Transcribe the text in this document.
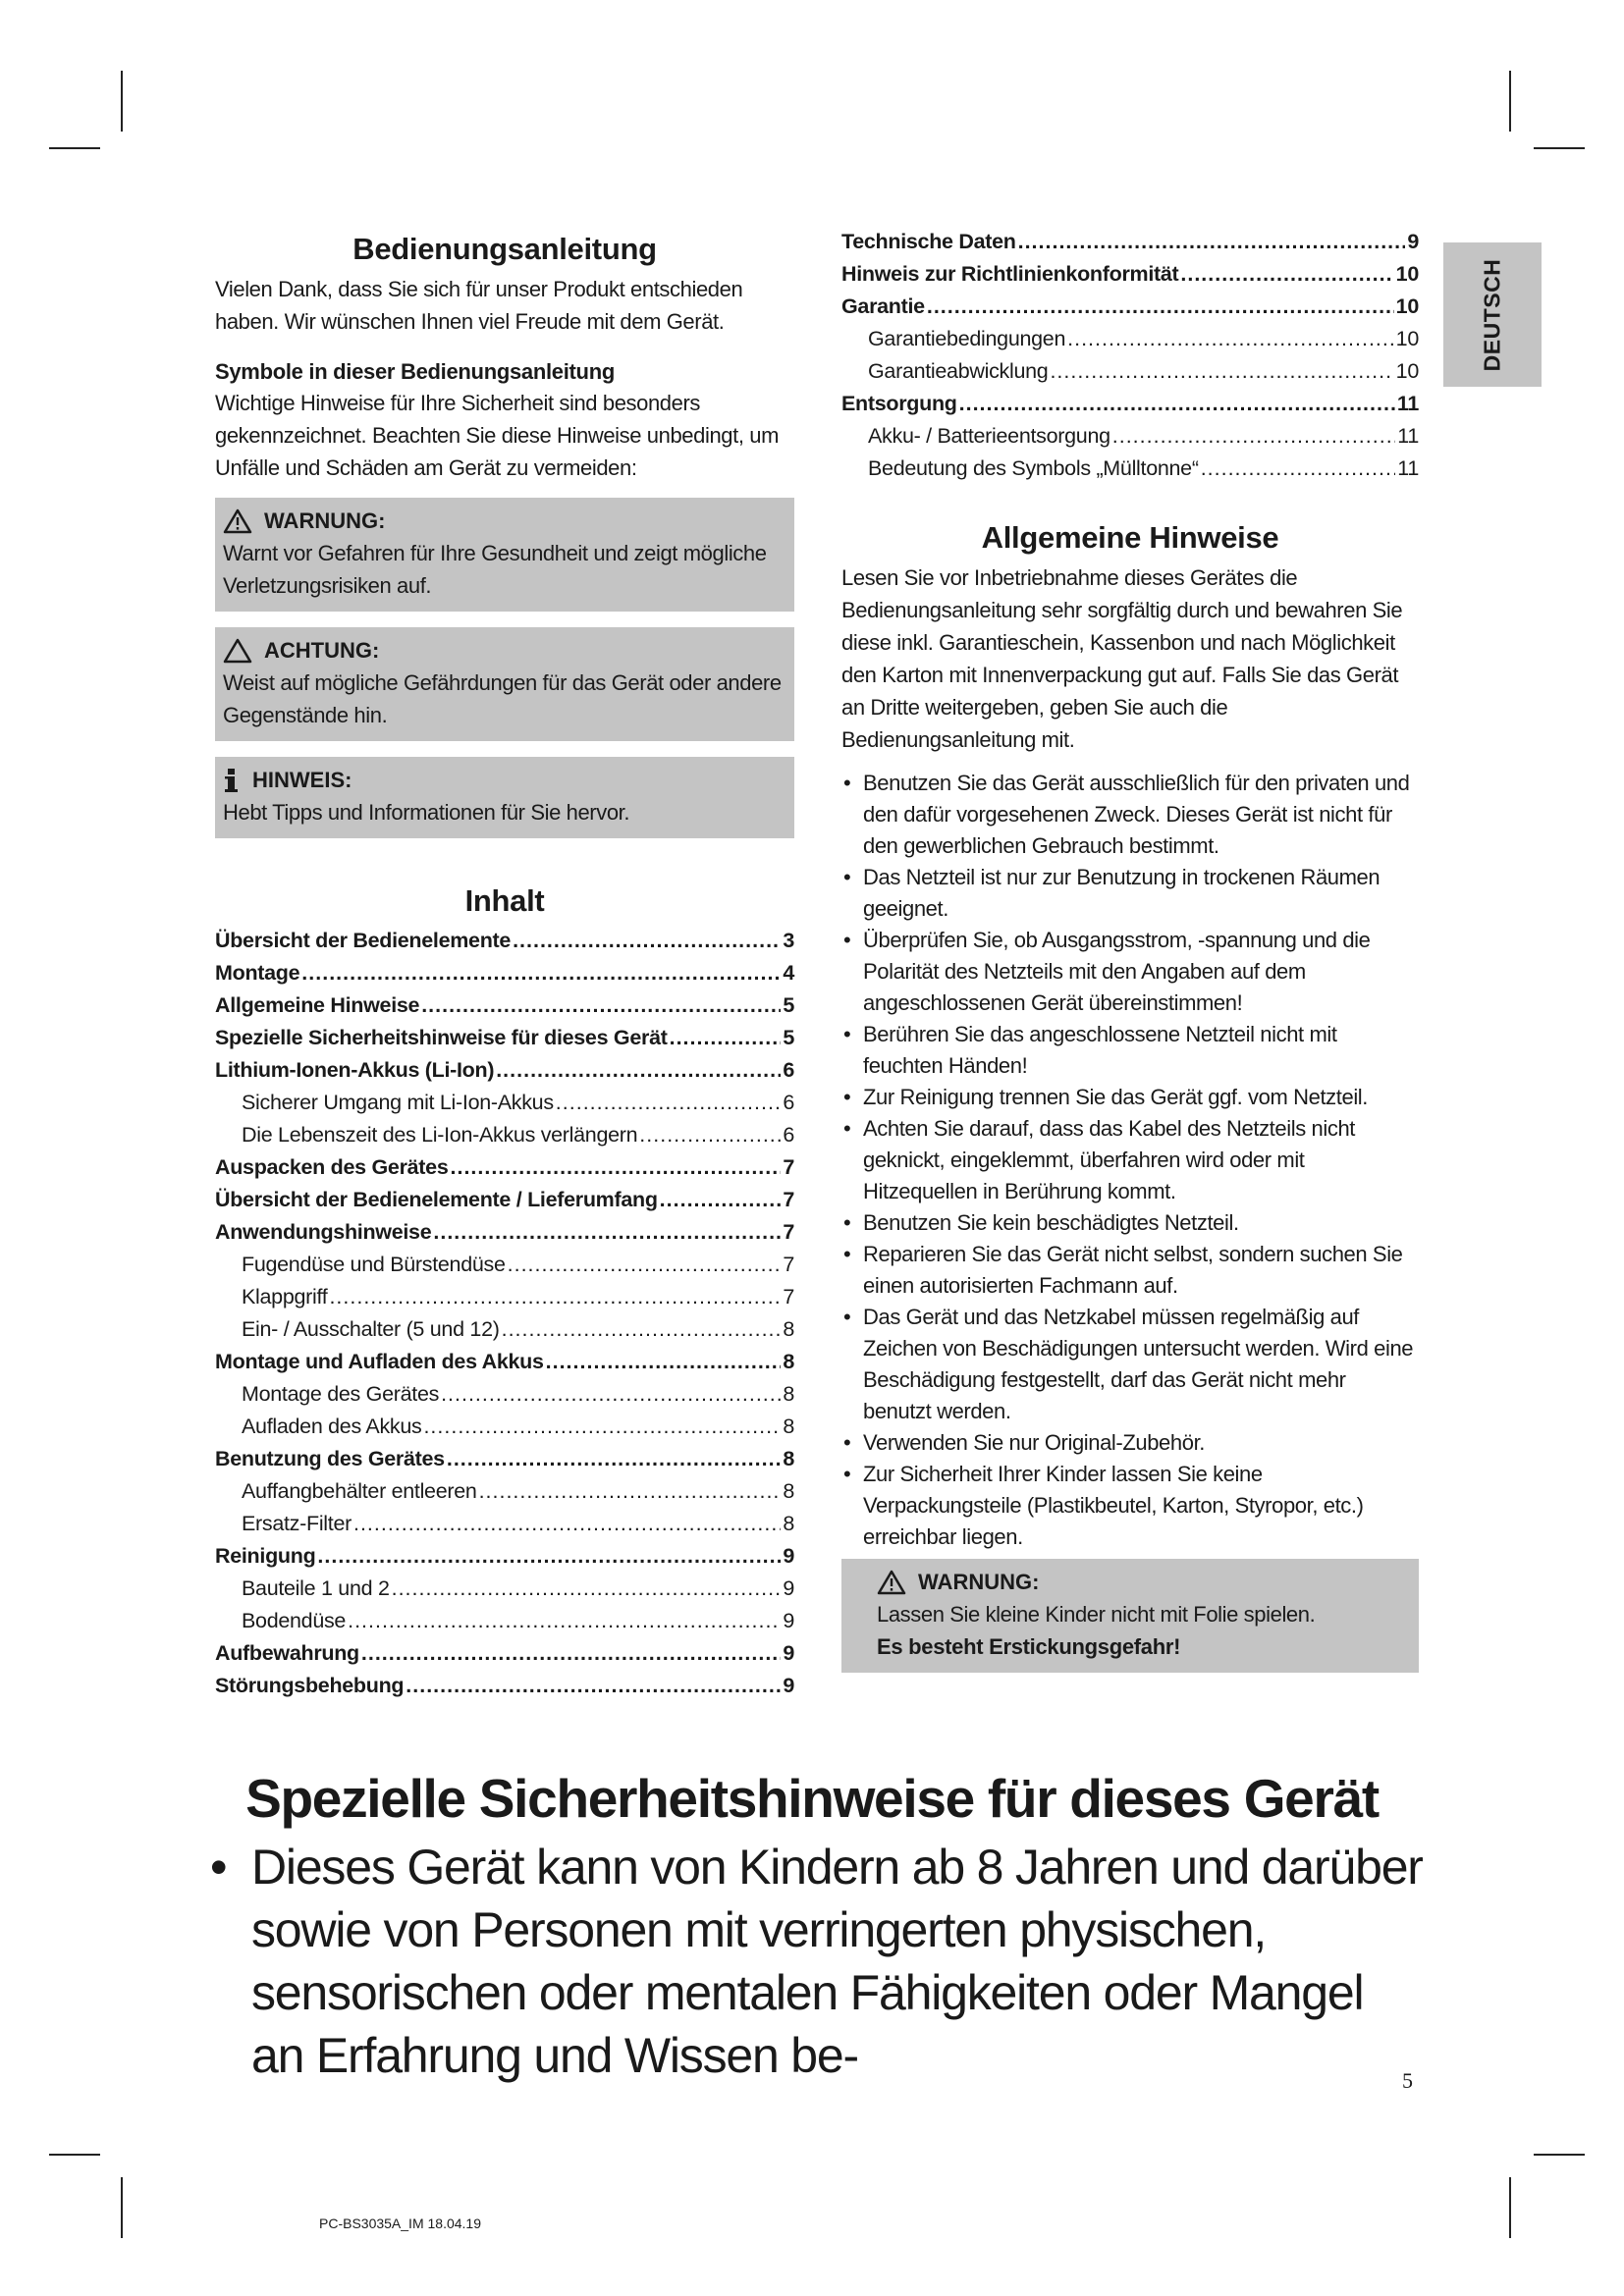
DEUTSCH
Bedienungsanleitung

Vielen Dank, dass Sie sich für unser Produkt entschieden haben. Wir wünschen Ihnen viel Freude mit dem Gerät.

Symbole in dieser Bedienungsanleitung

Wichtige Hinweise für Ihre Sicherheit sind besonders gekennzeichnet. Beachten Sie diese Hinweise unbedingt, um Unfälle und Schäden am Gerät zu vermeiden:

WARNUNG:
Warnt vor Gefahren für Ihre Gesundheit und zeigt mögliche Verletzungsrisiken auf.
ACHTUNG:
Weist auf mögliche Gefährdungen für das Gerät oder andere Gegenstände hin.
HINWEIS:
Hebt Tipps und Informationen für Sie hervor.
Inhalt
Übersicht der Bedienelemente .....	3
Montage .....	4
Allgemeine Hinweise .....	5
Spezielle Sicherheitshinweise für dieses Gerät .....	5
Lithium-Ionen-Akkus (Li-Ion) .....	6
Sicherer Umgang mit Li-Ion-Akkus .....	6
Die Lebenszeit des Li-Ion-Akkus verlängern .....	6
Auspacken des Gerätes .....	7
Übersicht der Bedienelemente / Lieferumfang .....	7
Anwendungshinweise .....	7
Fugendüse und Bürstendüse .....	7
Klappgriff .....	7
Ein- / Ausschalter (5 und 12) .....	8
Montage und Aufladen des Akkus .....	8
Montage des Gerätes .....	8
Aufladen des Akkus .....	8
Benutzung des Gerätes .....	8
Auffangbehälter entleeren .....	8
Ersatz-Filter .....	8
Reinigung .....	9
Bauteile 1 und 2 .....	9
Bodendüse .....	9
Aufbewahrung .....	9
Störungsbehebung .....	9
Technische Daten .....	9
Hinweis zur Richtlinienkonformität .....	10
Garantie .....	10
Garantiebedingungen .....	10
Garantieabwicklung .....	10
Entsorgung .....	11
Akku- / Batterieentsorgung .....	11
Bedeutung des Symbols „Mülltonne“ .....	11
Allgemeine Hinweise

Lesen Sie vor Inbetriebnahme dieses Gerätes die Bedienungsanleitung sehr sorgfältig durch und bewahren Sie diese inkl. Garantieschein, Kassenbon und nach Möglichkeit den Karton mit Innenverpackung gut auf. Falls Sie das Gerät an Dritte weitergeben, geben Sie auch die Bedienungsanleitung mit.

• Benutzen Sie das Gerät ausschließlich für den privaten und den dafür vorgesehenen Zweck. Dieses Gerät ist nicht für den gewerblichen Gebrauch bestimmt.
• Das Netzteil ist nur zur Benutzung in trockenen Räumen geeignet.
• Überprüfen Sie, ob Ausgangsstrom, -spannung und die Polarität des Netzteils mit den Angaben auf dem angeschlossenen Gerät übereinstimmen!
• Berühren Sie das angeschlossene Netzteil nicht mit feuchten Händen!
• Zur Reinigung trennen Sie das Gerät ggf. vom Netzteil.
• Achten Sie darauf, dass das Kabel des Netzteils nicht geknickt, eingeklemmt, überfahren wird oder mit Hitzequellen in Berührung kommt.
• Benutzen Sie kein beschädigtes Netzteil.
• Reparieren Sie das Gerät nicht selbst, sondern suchen Sie einen autorisierten Fachmann auf.
• Das Gerät und das Netzkabel müssen regelmäßig auf Zeichen von Beschädigungen untersucht werden. Wird eine Beschädigung festgestellt, darf das Gerät nicht mehr benutzt werden.
• Verwenden Sie nur Original-Zubehör.
• Zur Sicherheit Ihrer Kinder lassen Sie keine Verpackungsteile (Plastikbeutel, Karton, Styropor, etc.) erreichbar liegen.
WARNUNG:
Lassen Sie kleine Kinder nicht mit Folie spielen.
Es besteht Erstickungsgefahr!
Spezielle Sicherheitshinweise für dieses Gerät
• Dieses Gerät kann von Kindern ab 8 Jahren und darüber sowie von Personen mit verringerten physischen, sensorischen oder mentalen Fähigkeiten oder Mangel an Erfahrung und Wissen be-	5
PC-BS3035A_IM 18.04.19
